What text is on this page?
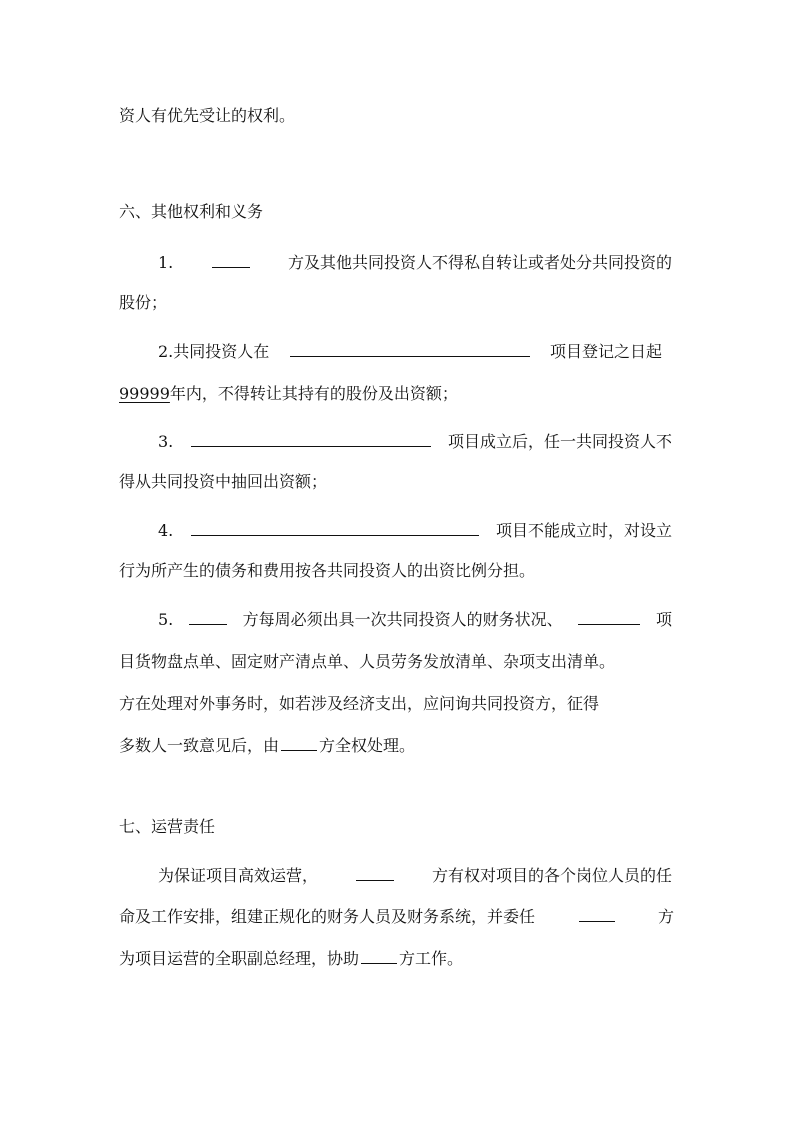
资人有优先受让的权利。
六、其他权利和义务
1.	方及其他共同投资人不得私自转让或者处分共同投资的
股份；
2.共同投资人在	项目登记之日起
99999年内，不得转让其持有的股份及出资额；
3.	项目成立后，任一共同投资人不
得从共同投资中抽回出资额；
4.	项目不能成立时，对设立
行为所产生的债务和费用按各共同投资人的出资比例分担。
5.	方每周必须出具一次共同投资人的财务状况、	项
目货物盘点单、固定财产清点单、人员劳务发放清单、杂项支出清单。
方在处理对外事务时，如若涉及经济支出，应问询共同投资方，征得
多数人一致意见后，由	方全权处理。
七、运营责任
为保证项目高效运营，	方有权对项目的各个岗位人员的任
命及工作安排，组建正规化的财务人员及财务系统，并委任	方
为项目运营的全职副总经理，协助	方工作。
